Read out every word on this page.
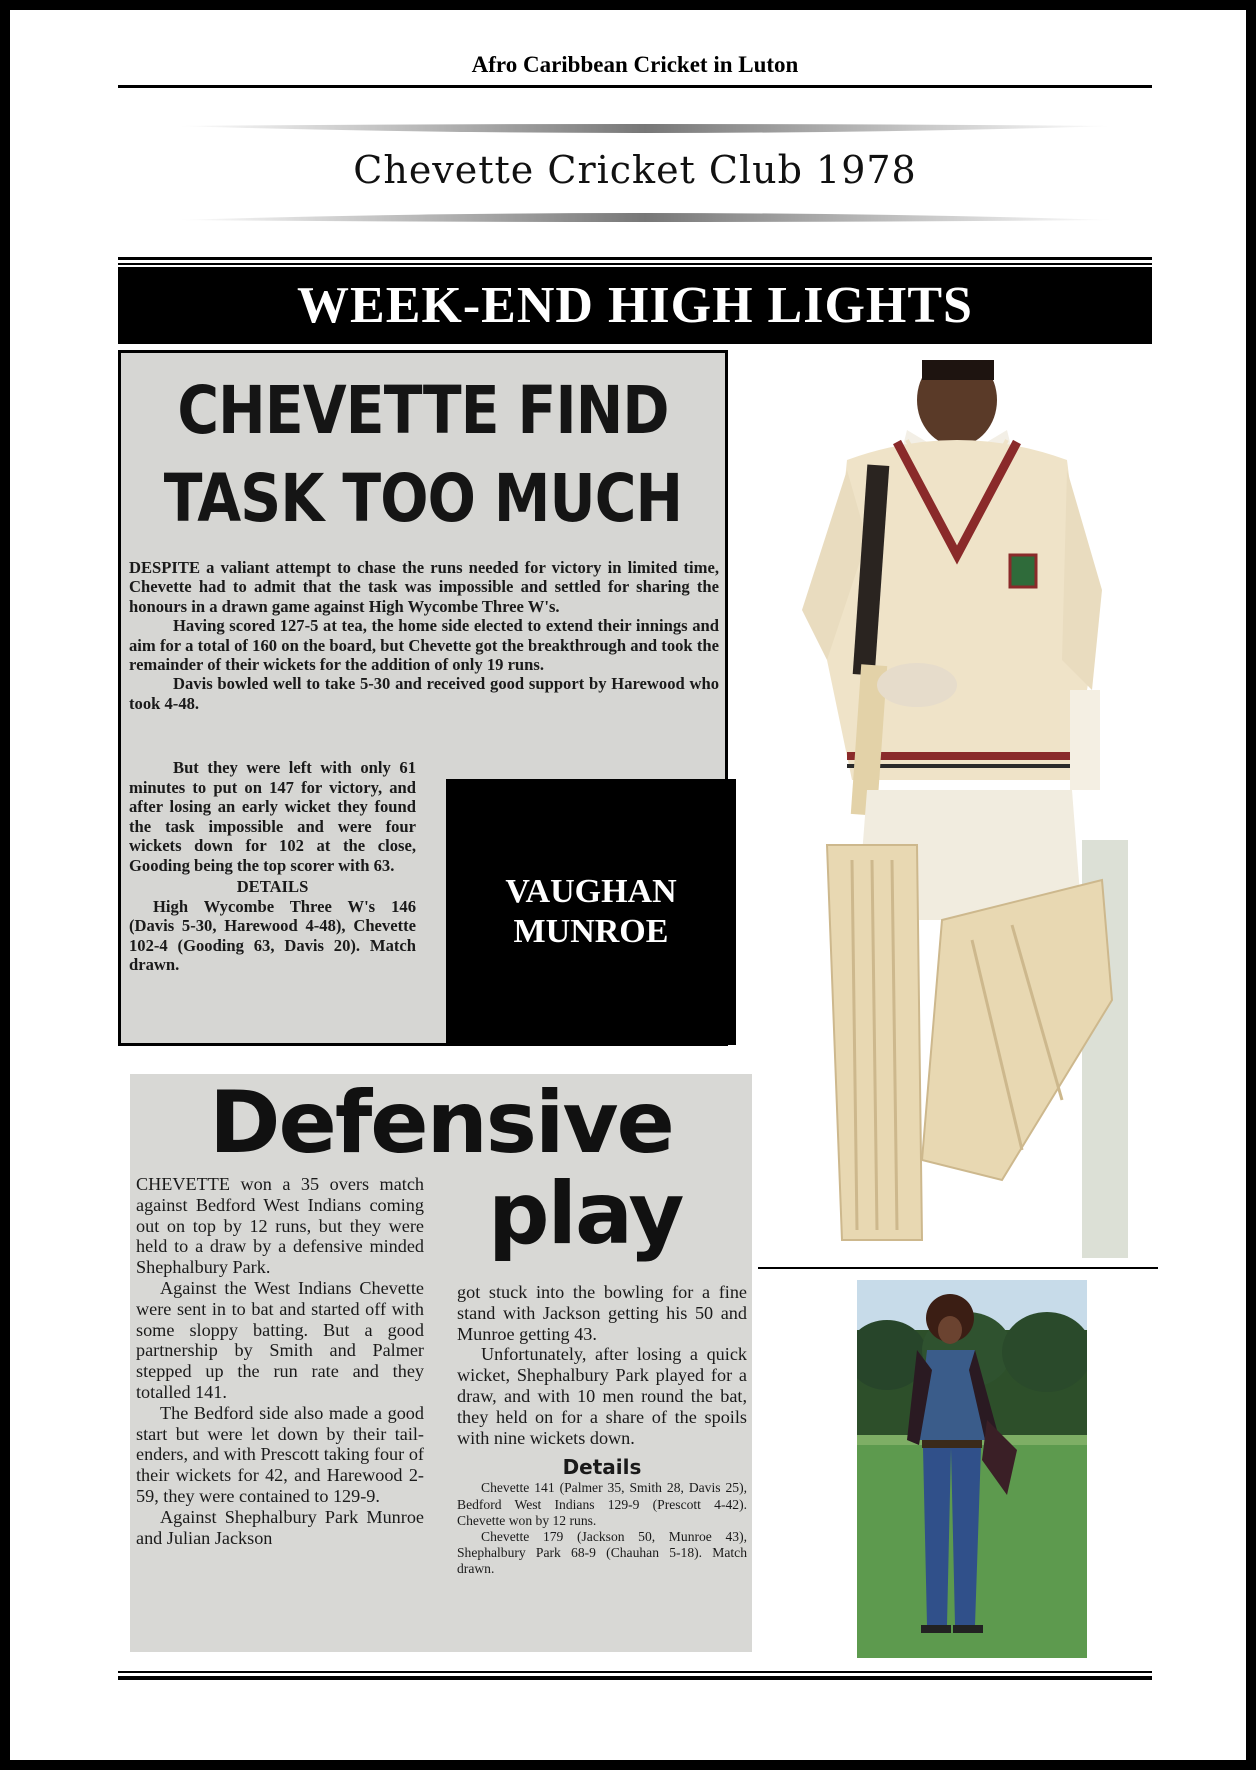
Afro Caribbean Cricket in Luton
Chevette Cricket Club 1978
WEEK-END HIGH LIGHTS
CHEVETTE FIND TASK TOO MUCH

DESPITE a valiant attempt to chase the runs needed for victory in limited time, Chevette had to admit that the task was impossible and settled for sharing the honours in a drawn game against High Wycombe Three W's.

Having scored 127-5 at tea, the home side elected to extend their innings and aim for a total of 160 on the board, but Chevette got the breakthrough and took the remainder of their wickets for the addition of only 19 runs.

Davis bowled well to take 5-30 and received good support by Harewood who took 4-48.

But they were left with only 61 minutes to put on 147 for victory, and after losing an early wicket they found the task impossible and were four wickets down for 102 at the close, Gooding being the top scorer with 63.

DETAILS

High Wycombe Three W's 146 (Davis 5-30, Harewood 4-48), Chevette 102-4 (Gooding 63, Davis 20). Match drawn.

VAUGHAN
MUNROE
Defensive
play

CHEVETTE won a 35 overs match against Bedford West Indians coming out on top by 12 runs, but they were held to a draw by a defensive minded Shephalbury Park.

Against the West Indians Chevette were sent in to bat and started off with some sloppy batting. But a good partnership by Smith and Palmer stepped up the run rate and they totalled 141.

The Bedford side also made a good start but were let down by their tail-enders, and with Prescott taking four of their wickets for 42, and Harewood 2-59, they were contained to 129-9.

Against Shephalbury Park Munroe and Julian Jackson

got stuck into the bowling for a fine stand with Jackson getting his 50 and Munroe getting 43.

Unfortunately, after losing a quick wicket, Shephalbury Park played for a draw, and with 10 men round the bat, they held on for a share of the spoils with nine wickets down.

Details

Chevette 141 (Palmer 35, Smith 28, Davis 25), Bedford West Indians 129-9 (Prescott 4-42). Chevette won by 12 runs.

Chevette 179 (Jackson 50, Munroe 43), Shephalbury Park 68-9 (Chauhan 5-18). Match drawn.
